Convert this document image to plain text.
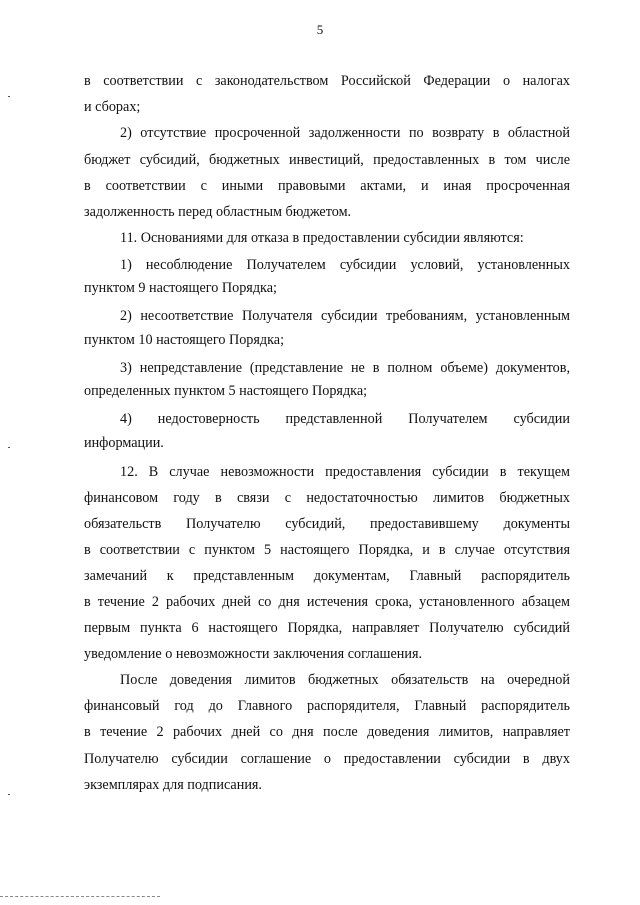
5
в соответствии с законодательством Российской Федерации о налогах
и сборах;
2) отсутствие просроченной задолженности по возврату в областной
бюджет субсидий, бюджетных инвестиций, предоставленных в том числе
в соответствии с иными правовыми актами, и иная просроченная
задолженность перед областным бюджетом.
11. Основаниями для отказа в предоставлении субсидии являются:
1) несоблюдение Получателем субсидии условий, установленных
пунктом 9 настоящего Порядка;
2) несоответствие Получателя субсидии требованиям, установленным
пунктом 10 настоящего Порядка;
3) непредставление (представление не в полном объеме) документов,
определенных пунктом 5 настоящего Порядка;
4) недостоверность представленной Получателем субсидии
информации.
12. В случае невозможности предоставления субсидии в текущем
финансовом году в связи с недостаточностью лимитов бюджетных
обязательств Получателю субсидий, предоставившему документы
в соответствии с пунктом 5 настоящего Порядка, и в случае отсутствия
замечаний к представленным документам, Главный распорядитель
в течение 2 рабочих дней со дня истечения срока, установленного абзацем
первым пункта 6 настоящего Порядка, направляет Получателю субсидий
уведомление о невозможности заключения соглашения.
После доведения лимитов бюджетных обязательств на очередной
финансовый год до Главного распорядителя, Главный распорядитель
в течение 2 рабочих дней со дня после доведения лимитов, направляет
Получателю субсидии соглашение о предоставлении субсидии в двух
экземплярах для подписания.
